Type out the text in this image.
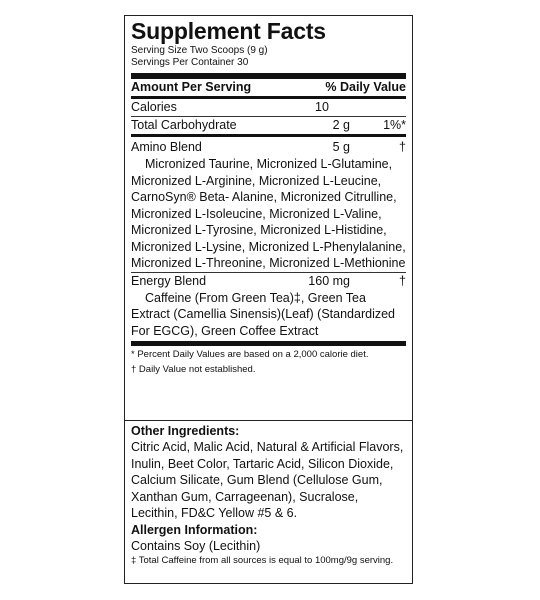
Supplement Facts
Serving Size Two Scoops (9 g)
Servings Per Container 30
Amount Per Serving	% Daily Value
Calories	10
Total Carbohydrate	2 g	1%*
Amino Blend	5 g	†
Micronized Taurine, Micronized L-Glutamine, Micronized L-Arginine, Micronized L-Leucine, CarnoSyn® Beta- Alanine, Micronized Citrulline, Micronized L-Isoleucine, Micronized L-Valine, Micronized L-Tyrosine, Micronized L-Histidine, Micronized L-Lysine, Micronized L-Phenylalanine, Micronized L-Threonine, Micronized L-Methionine
Energy Blend	160 mg	†
Caffeine (From Green Tea)‡, Green Tea Extract (Camellia Sinensis)(Leaf) (Standardized For EGCG), Green Coffee Extract
* Percent Daily Values are based on a 2,000 calorie diet.
† Daily Value not established.
Other Ingredients:
Citric Acid, Malic Acid, Natural & Artificial Flavors, Inulin, Beet Color, Tartaric Acid, Silicon Dioxide, Calcium Silicate, Gum Blend (Cellulose Gum, Xanthan Gum, Carrageenan), Sucralose, Lecithin, FD&C Yellow #5 & 6.
Allergen Information:
Contains Soy (Lecithin)
‡ Total Caffeine from all sources is equal to 100mg/9g serving.
